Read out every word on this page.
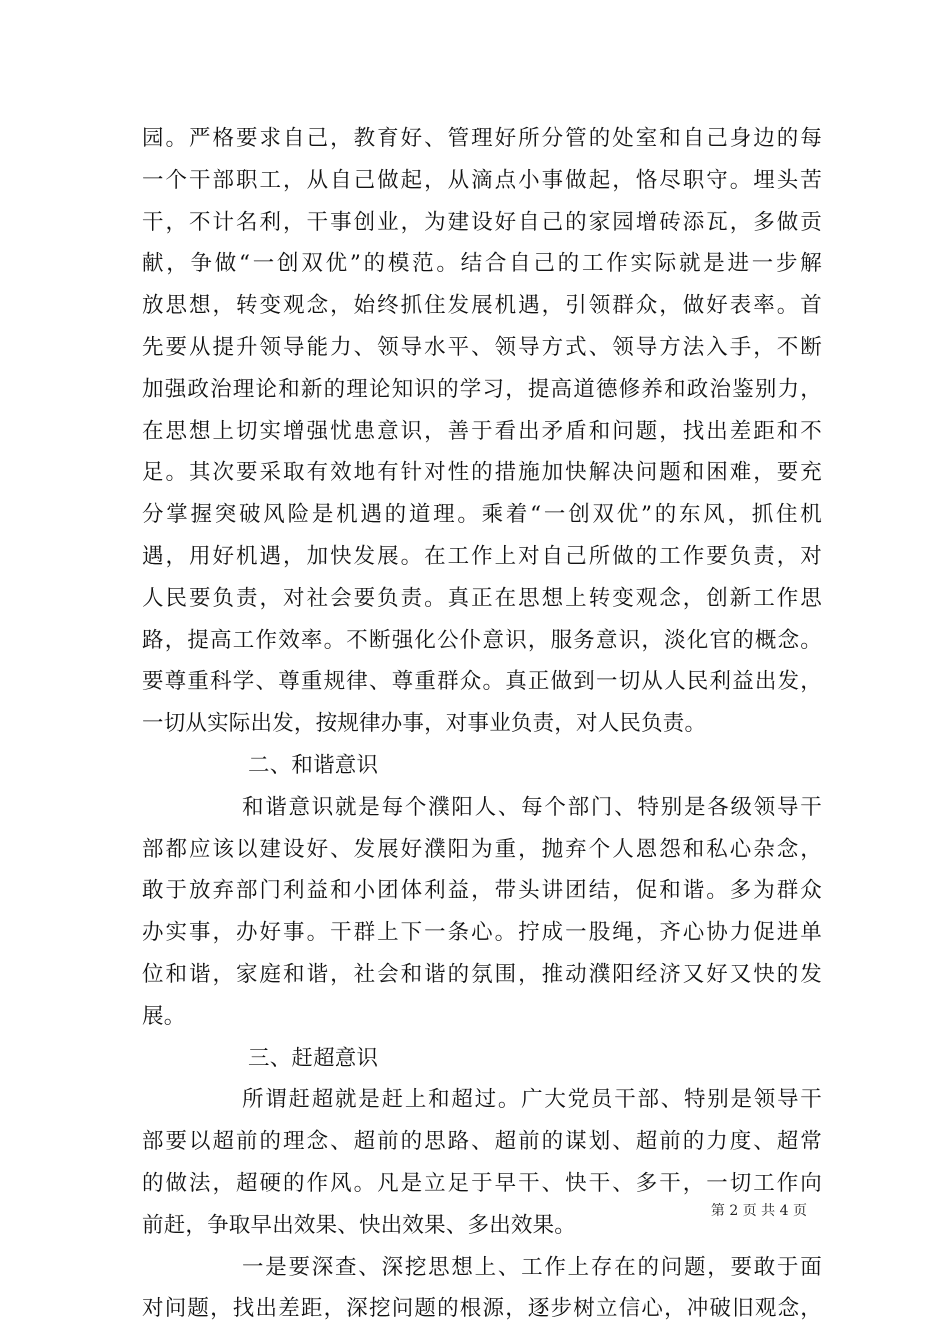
园。严格要求自己，教育好、管理好所分管的处室和自己身边的每
一个干部职工，从自己做起，从滴点小事做起，恪尽职守。埋头苦
干，不计名利，干事创业，为建设好自己的家园增砖添瓦，多做贡
献，争做“一创双优”的模范。结合自己的工作实际就是进一步解
放思想，转变观念，始终抓住发展机遇，引领群众，做好表率。首
先要从提升领导能力、领导水平、领导方式、领导方法入手，不断
加强政治理论和新的理论知识的学习，提高道德修养和政治鉴别力，
在思想上切实增强忧患意识，善于看出矛盾和问题，找出差距和不
足。其次要采取有效地有针对性的措施加快解决问题和困难，要充
分掌握突破风险是机遇的道理。乘着“一创双优”的东风，抓住机
遇，用好机遇，加快发展。在工作上对自己所做的工作要负责，对
人民要负责，对社会要负责。真正在思想上转变观念，创新工作思
路，提高工作效率。不断强化公仆意识，服务意识，淡化官的概念。
要尊重科学、尊重规律、尊重群众。真正做到一切从人民利益出发，
一切从实际出发，按规律办事，对事业负责，对人民负责。
二、和谐意识
和谐意识就是每个濮阳人、每个部门、特别是各级领导干
部都应该以建设好、发展好濮阳为重，抛弃个人恩怨和私心杂念，
敢于放弃部门利益和小团体利益，带头讲团结，促和谐。多为群众
办实事，办好事。干群上下一条心。拧成一股绳，齐心协力促进单
位和谐，家庭和谐，社会和谐的氛围，推动濮阳经济又好又快的发
展。
三、赶超意识
所谓赶超就是赶上和超过。广大党员干部、特别是领导干
部要以超前的理念、超前的思路、超前的谋划、超前的力度、超常
的做法，超硬的作风。凡是立足于早干、快干、多干，一切工作向
前赶，争取早出效果、快出效果、多出效果。
一是要深查、深挖思想上、工作上存在的问题，要敢于面
对问题，找出差距，深挖问题的根源，逐步树立信心，冲破旧观念，
第 2 页 共 4 页
